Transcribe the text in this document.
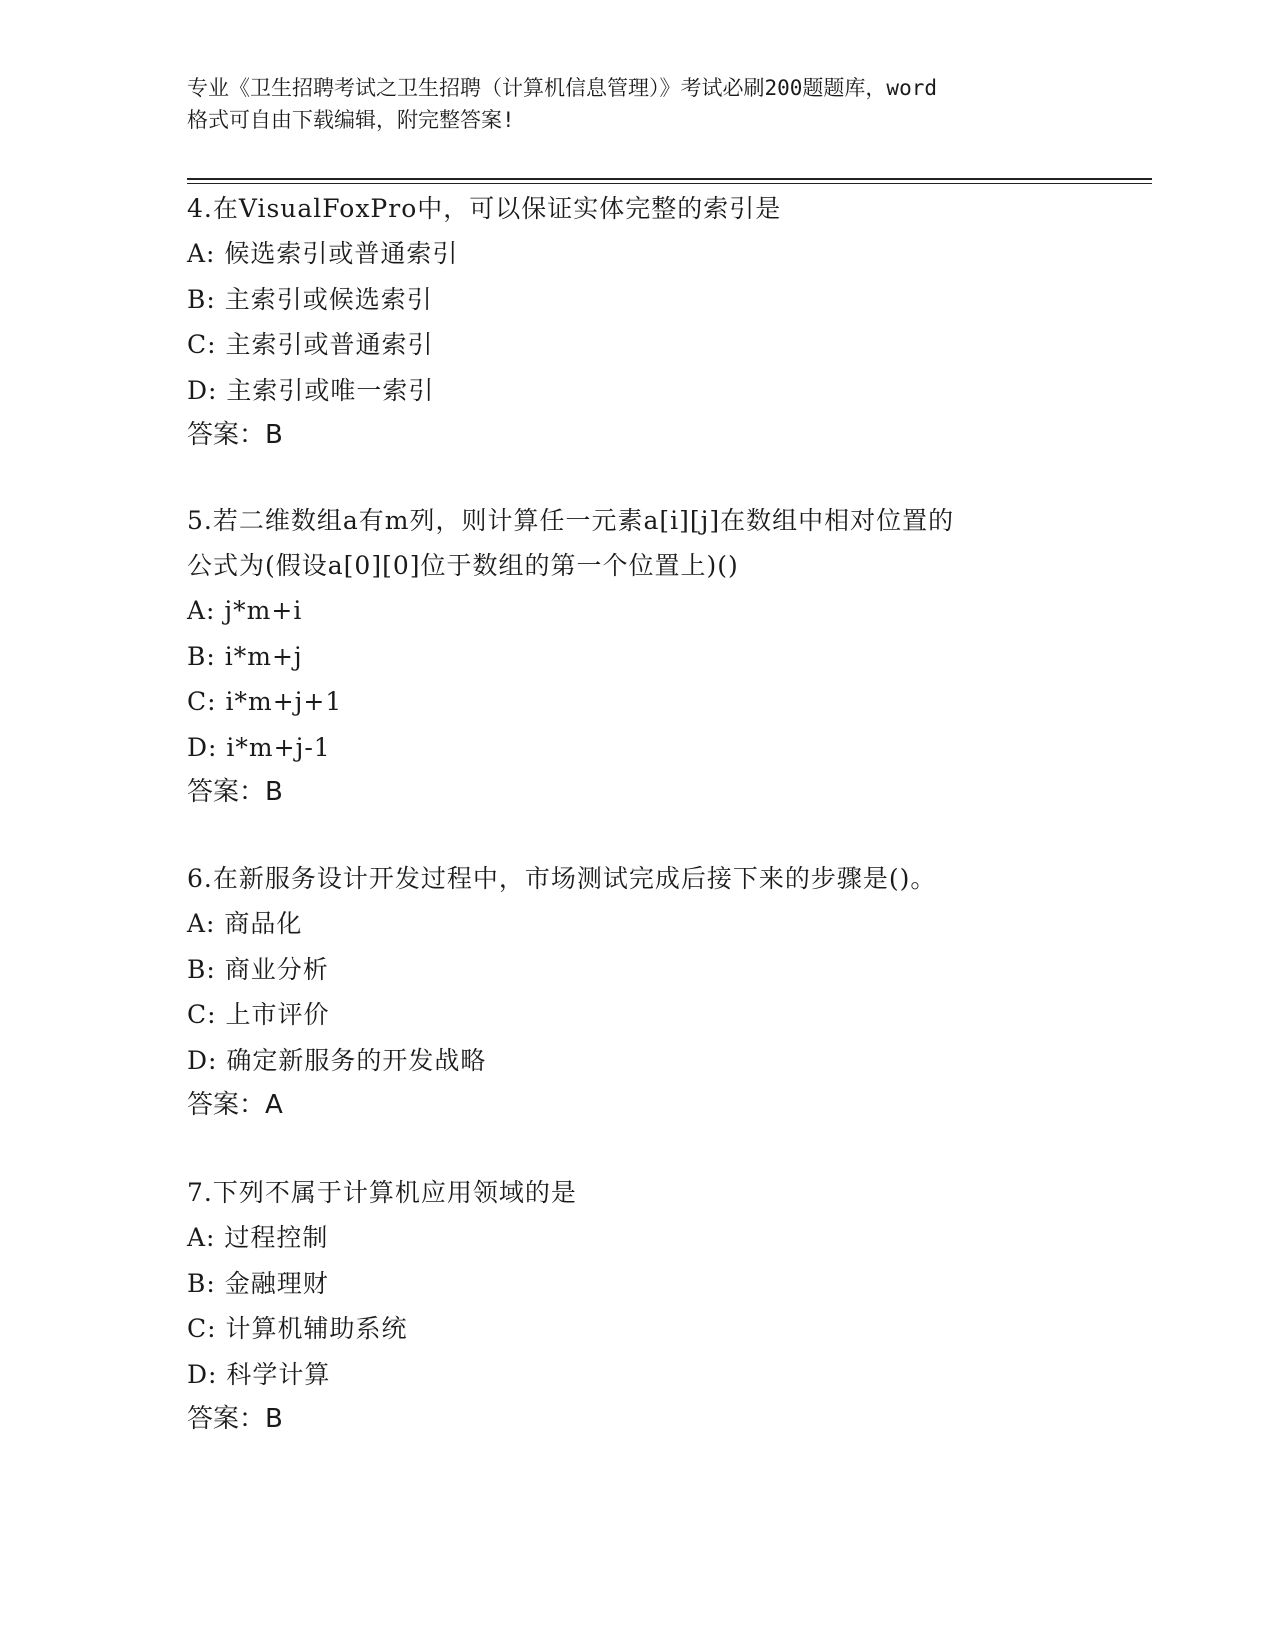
专业《卫生招聘考试之卫生招聘（计算机信息管理）》考试必刷200题题库，word
格式可自由下载编辑，附完整答案!
4.在VisualFoxPro中，可以保证实体完整的索引是
A: 候选索引或普通索引
B: 主索引或候选索引
C: 主索引或普通索引
D: 主索引或唯一索引
答案：B
5.若二维数组a有m列，则计算任一元素a[i][j]在数组中相对位置的
公式为(假设a[0][0]位于数组的第一个位置上)()
A: j*m+i
B: i*m+j
C: i*m+j+1
D: i*m+j-1
答案：B
6.在新服务设计开发过程中，市场测试完成后接下来的步骤是()。
A: 商品化
B: 商业分析
C: 上市评价
D: 确定新服务的开发战略
答案：A
7.下列不属于计算机应用领域的是
A: 过程控制
B: 金融理财
C: 计算机辅助系统
D: 科学计算
答案：B
